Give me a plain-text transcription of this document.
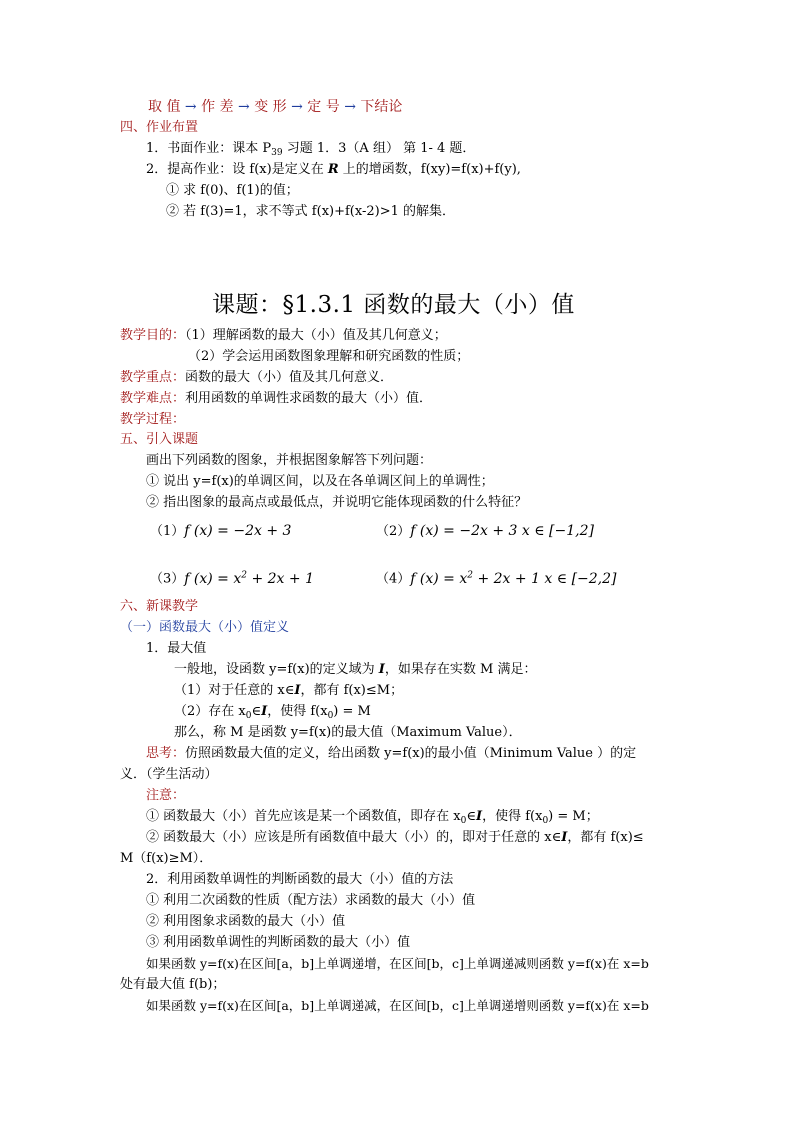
取 值 → 作 差 → 变 形 → 定 号 → 下结论
四、作业布置
1．书面作业：课本 $P_{39}$ 习题 1．3（A 组） 第 1- 4 题．
2．提高作业：设 f(x)是定义在 R 上的增函数，f(xy)=f(x)+f(y),
① 求 f(0)、f(1)的值；
② 若 f(3)=1，求不等式 f(x)+f(x-2)>1 的解集．
课题：§1.3.1 函数的最大（小）值
教学目的：（1）理解函数的最大（小）值及其几何意义；
（2）学会运用函数图象理解和研究函数的性质；
教学重点：函数的最大（小）值及其几何意义．
教学难点：利用函数的单调性求函数的最大（小）值．
教学过程：
五、引入课题
画出下列函数的图象，并根据图象解答下列问题：
① 说出 y=f(x)的单调区间，以及在各单调区间上的单调性；
② 指出图象的最高点或最低点，并说明它能体现函数的什么特征？
（1）f (x) = −2x + 3	（2）f (x) = −2x + 3 x ∈ [−1,2]
（3）f $(x) = x^2 + 2x + 1$	（4）f $(x) = x^2 + 2x + 1$ x ∈ [−2,2]
六、新课教学
（一）函数最大（小）值定义
1．最大值
一般地，设函数 y=f(x)的定义域为 I，如果存在实数 M 满足：
（1）对于任意的 x∈I，都有 f(x)≤M；
（2）存在 $x_0\in I$，使得 $f(x_0) = M$
那么，称 M 是函数 y=f(x)的最大值（Maximum Value）．
思考：仿照函数最大值的定义，给出函数 y=f(x)的最小值（Minimum Value ）的定
义．（学生活动）
注意：
① 函数最大（小）首先应该是某一个函数值，即存在 $x_0\in I$，使得 $f(x_0) = M$；
② 函数最大（小）应该是所有函数值中最大（小）的，即对于任意的 x∈I，都有 f(x)≤
M（f(x)≥M）．
2．利用函数单调性的判断函数的最大（小）值的方法
① 利用二次函数的性质（配方法）求函数的最大（小）值
② 利用图象求函数的最大（小）值
③ 利用函数单调性的判断函数的最大（小）值
如果函数 y=f(x)在区间[a，b]上单调递增，在区间[b，c]上单调递减则函数 y=f(x)在 x=b
处有最大值 f(b)；
如果函数 y=f(x)在区间[a，b]上单调递减，在区间[b，c]上单调递增则函数 y=f(x)在 x=b
